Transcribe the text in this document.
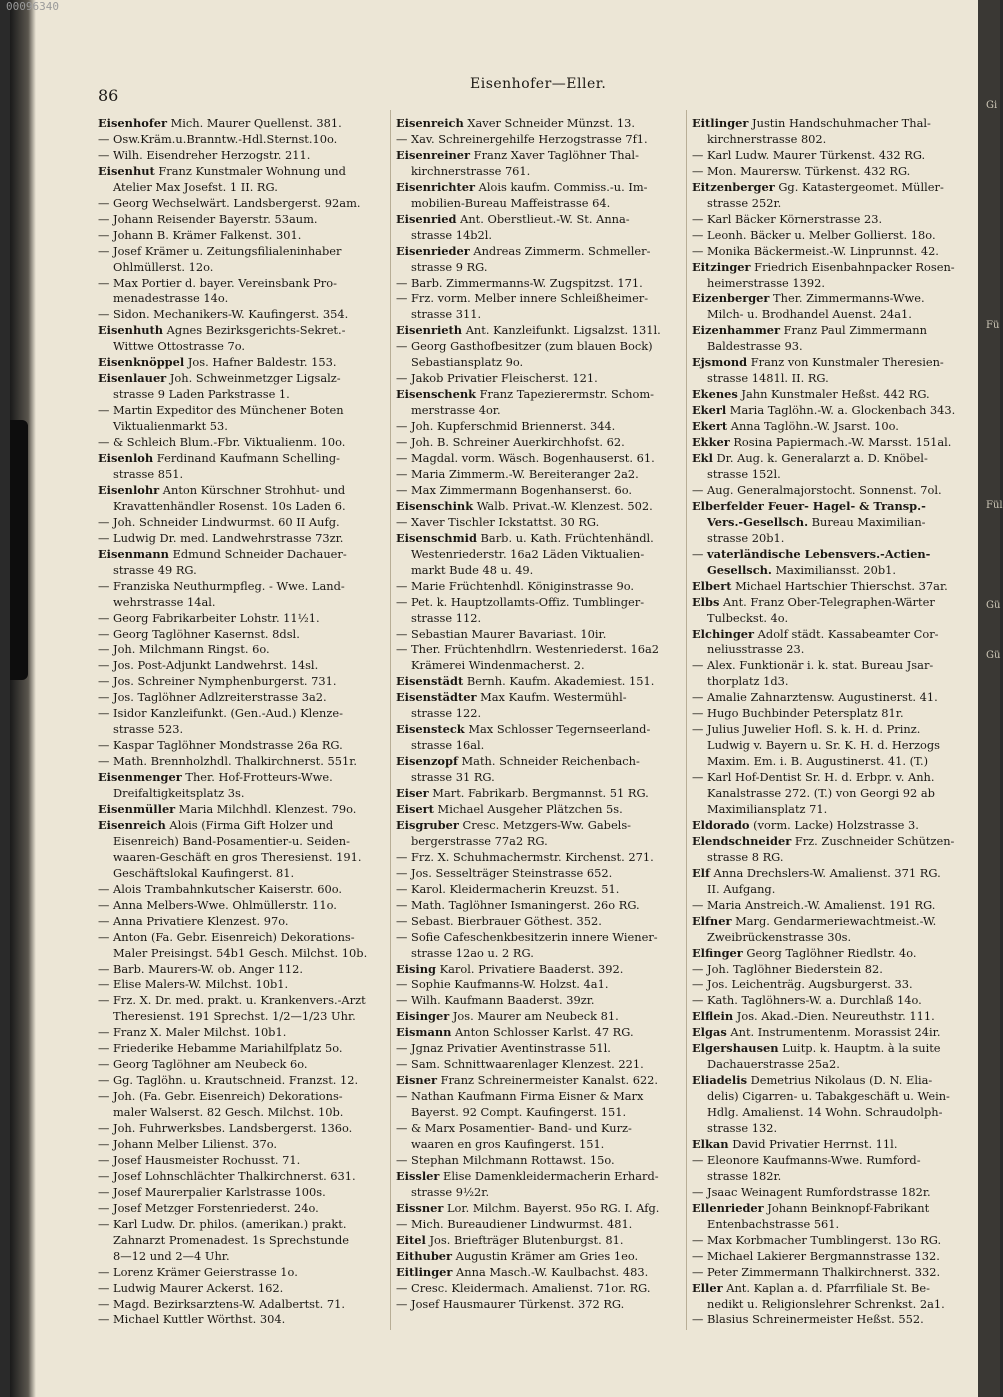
86
Eisenhofer—Eller.
Eisenhofer Mich. Maurer Quellenst. 381.
— Osw.Kräm.u.Branntw.-Hdl.Sternst.10o.
— Wilh. Eisendreher Herzogstr. 211.
Eisenhut Franz Kunstmaler Wohnung und
Atelier Max Josefst. 1 II. RG.
— Georg Wechselwärt. Landsbergerst. 92am.
— Johann Reisender Bayerstr. 53aum.
— Johann B. Krämer Falkenst. 301.
— Josef Krämer u. Zeitungsfilialeninhaber
Ohlmüllerst. 12o.
— Max Portier d. bayer. Vereinsbank Pro-
menadestrasse 14o.
— Sidon. Mechanikers-W. Kaufingerst. 354.
Eisenhuth Agnes Bezirksgerichts-Sekret.-
Wittwe Ottostrasse 7o.
Eisenknöppel Jos. Hafner Baldestr. 153.
Eisenlauer Joh. Schweinmetzger Ligsalz-
strasse 9 Laden Parkstrasse 1.
— Martin Expeditor des Münchener Boten
Viktualienmarkt 53.
— & Schleich Blum.-Fbr. Viktualienm. 10o.
Eisenloh Ferdinand Kaufmann Schelling-
strasse 851.
Eisenlohr Anton Kürschner Strohhut- und
Kravattenhändler Rosenst. 10s Laden 6.
— Joh. Schneider Lindwurmst. 60 II Aufg.
— Ludwig Dr. med. Landwehrstrasse 73zr.
Eisenmann Edmund Schneider Dachauer-
strasse 49 RG.
— Franziska Neuthurmpfleg. - Wwe. Land-
wehrstrasse 14al.
— Georg Fabrikarbeiter Lohstr. 11½1.
— Georg Taglöhner Kasernst. 8dsl.
— Joh. Milchmann Ringst. 6o.
— Jos. Post-Adjunkt Landwehrst. 14sl.
— Jos. Schreiner Nymphenburgerst. 731.
— Jos. Taglöhner Adlzreiterstrasse 3a2.
— Isidor Kanzleifunkt. (Gen.-Aud.) Klenze-
strasse 523.
— Kaspar Taglöhner Mondstrasse 26a RG.
— Math. Brennholzhdl. Thalkirchnerst. 551r.
Eisenmenger Ther. Hof-Frotteurs-Wwe.
Dreifaltigkeitsplatz 3s.
Eisenmüller Maria Milchhdl. Klenzest. 79o.
Eisenreich Alois (Firma Gift Holzer und
Eisenreich) Band-Posamentier-u. Seiden-
waaren-Geschäft en gros Theresienst. 191.
Geschäftslokal Kaufingerst. 81.
— Alois Trambahnkutscher Kaiserstr. 60o.
— Anna Melbers-Wwe. Ohlmüllerstr. 11o.
— Anna Privatiere Klenzest. 97o.
— Anton (Fa. Gebr. Eisenreich) Dekorations-
Maler Preisingst. 54b1 Gesch. Milchst. 10b.
— Barb. Maurers-W. ob. Anger 112.
— Elise Malers-W. Milchst. 10b1.
— Frz. X. Dr. med. prakt. u. Krankenvers.-Arzt
Theresienst. 191 Sprechst. 1/2—1/23 Uhr.
— Franz X. Maler Milchst. 10b1.
— Friederike Hebamme Mariahilfplatz 5o.
— Georg Taglöhner am Neubeck 6o.
— Gg. Taglöhn. u. Krautschneid. Franzst. 12.
— Joh. (Fa. Gebr. Eisenreich) Dekorations-
maler Walserst. 82 Gesch. Milchst. 10b.
— Joh. Fuhrwerksbes. Landsbergerst. 136o.
— Johann Melber Lilienst. 37o.
— Josef Hausmeister Rochusst. 71.
— Josef Lohnschlächter Thalkirchnerst. 631.
— Josef Maurerpalier Karlstrasse 100s.
— Josef Metzger Forstenriederst. 24o.
— Karl Ludw. Dr. philos. (amerikan.) prakt.
Zahnarzt Promenadest. 1s Sprechstunde
8—12 und 2—4 Uhr.
— Lorenz Krämer Geierstrasse 1o.
— Ludwig Maurer Ackerst. 162.
— Magd. Bezirksarztens-W. Adalbertst. 71.
— Michael Kuttler Wörthst. 304.
Eisenreich Xaver Schneider Münzst. 13.
— Xav. Schreinergehilfe Herzogstrasse 7f1.
Eisenreiner Franz Xaver Taglöhner Thal-
kirchnerstrasse 761.
Eisenrichter Alois kaufm. Commiss.-u. Im-
mobilien-Bureau Maffeistrasse 64.
Eisenried Ant. Oberstlieut.-W. St. Anna-
strasse 14b2l.
Eisenrieder Andreas Zimmerm. Schmeller-
strasse 9 RG.
— Barb. Zimmermanns-W. Zugspitzst. 171.
— Frz. vorm. Melber innere Schleißheimer-
strasse 311.
Eisenrieth Ant. Kanzleifunkt. Ligsalzst. 131l.
— Georg Gasthofbesitzer (zum blauen Bock)
Sebastiansplatz 9o.
— Jakob Privatier Fleischerst. 121.
Eisenschenk Franz Tapezierermstr. Schom-
merstrasse 4or.
— Joh. Kupferschmid Briennerst. 344.
— Joh. B. Schreiner Auerkirchhofst. 62.
— Magdal. vorm. Wäsch. Bogenhauserst. 61.
— Maria Zimmerm.-W. Bereiteranger 2a2.
— Max Zimmermann Bogenhanserst. 6o.
Eisenschink Walb. Privat.-W. Klenzest. 502.
— Xaver Tischler Ickstattst. 30 RG.
Eisenschmid Barb. u. Kath. Früchtenhändl.
Westenriederstr. 16a2 Läden Viktualien-
markt Bude 48 u. 49.
— Marie Früchtenhdl. Königinstrasse 9o.
— Pet. k. Hauptzollamts-Offiz. Tumblinger-
strasse 112.
— Sebastian Maurer Bavariast. 10ir.
— Ther. Früchtenhdlrn. Westenriederst. 16a2
Krämerei Windenmacherst. 2.
Eisenstädt Bernh. Kaufm. Akademiest. 151.
Eisenstädter Max Kaufm. Westermühl-
strasse 122.
Eisensteck Max Schlosser Tegernseerland-
strasse 16al.
Eisenzopf Math. Schneider Reichenbach-
strasse 31 RG.
Eiser Mart. Fabrikarb. Bergmannst. 51 RG.
Eisert Michael Ausgeher Plätzchen 5s.
Eisgruber Cresc. Metzgers-Ww. Gabels-
bergerstrasse 77a2 RG.
— Frz. X. Schuhmachermstr. Kirchenst. 271.
— Jos. Sesselträger Steinstrasse 652.
— Karol. Kleidermacherin Kreuzst. 51.
— Math. Taglöhner Ismaningerst. 26o RG.
— Sebast. Bierbrauer Göthest. 352.
— Sofie Cafeschenkbesitzerin innere Wiener-
strasse 12ao u. 2 RG.
Eising Karol. Privatiere Baaderst. 392.
— Sophie Kaufmanns-W. Holzst. 4a1.
— Wilh. Kaufmann Baaderst. 39zr.
Eisinger Jos. Maurer am Neubeck 81.
Eismann Anton Schlosser Karlst. 47 RG.
— Jgnaz Privatier Aventinstrasse 51l.
— Sam. Schnittwaarenlager Klenzest. 221.
Eisner Franz Schreinermeister Kanalst. 622.
— Nathan Kaufmann Firma Eisner & Marx
Bayerst. 92 Compt. Kaufingerst. 151.
— & Marx Posamentier- Band- und Kurz-
waaren en gros Kaufingerst. 151.
— Stephan Milchmann Rottawst. 15o.
Eissler Elise Damenkleidermacherin Erhard-
strasse 9½2r.
Eissner Lor. Milchm. Bayerst. 95o RG. I. Afg.
— Mich. Bureaudiener Lindwurmst. 481.
Eitel Jos. Briefträger Blutenburgst. 81.
Eithuber Augustin Krämer am Gries 1eo.
Eitlinger Anna Masch.-W. Kaulbachst. 483.
— Cresc. Kleidermach. Amalienst. 71or. RG.
— Josef Hausmaurer Türkenst. 372 RG.
Eitlinger Justin Handschuhmacher Thal-
kirchnerstrasse 802.
— Karl Ludw. Maurer Türkenst. 432 RG.
— Mon. Maurersw. Türkenst. 432 RG.
Eitzenberger Gg. Katastergeomet. Müller-
strasse 252r.
— Karl Bäcker Körnerstrasse 23.
— Leonh. Bäcker u. Melber Gollierst. 18o.
— Monika Bäckermeist.-W. Linprunnst. 42.
Eitzinger Friedrich Eisenbahnpacker Rosen-
heimerstrasse 1392.
Eizenberger Ther. Zimmermanns-Wwe.
Milch- u. Brodhandel Auenst. 24a1.
Eizenhammer Franz Paul Zimmermann
Baldestrasse 93.
Ejsmond Franz von Kunstmaler Theresien-
strasse 1481l. II. RG.
Ekenes Jahn Kunstmaler Heßst. 442 RG.
Ekerl Maria Taglöhn.-W. a. Glockenbach 343.
Ekert Anna Taglöhn.-W. Jsarst. 10o.
Ekker Rosina Papiermach.-W. Marsst. 151al.
Ekl Dr. Aug. k. Generalarzt a. D. Knöbel-
strasse 152l.
— Aug. Generalmajorstocht. Sonnenst. 7ol.
Elberfelder Feuer- Hagel- & Transp.-
Vers.-Gesellsch. Bureau Maximilian-
strasse 20b1.
— vaterländische Lebensvers.-Actien-
Gesellsch. Maximiliansst. 20b1.
Elbert Michael Hartschier Thierschst. 37ar.
Elbs Ant. Franz Ober-Telegraphen-Wärter
Tulbeckst. 4o.
Elchinger Adolf städt. Kassabeamter Cor-
neliusstrasse 23.
— Alex. Funktionär i. k. stat. Bureau Jsar-
thorplatz 1d3.
— Amalie Zahnarztensw. Augustinerst. 41.
— Hugo Buchbinder Petersplatz 81r.
— Julius Juwelier Hofl. S. k. H. d. Prinz.
Ludwig v. Bayern u. Sr. K. H. d. Herzogs
Maxim. Em. i. B. Augustinerst. 41. (T.)
— Karl Hof-Dentist Sr. H. d. Erbpr. v. Anh.
Kanalstrasse 272. (T.) von Georgi 92 ab
Maximiliansplatz 71.
Eldorado (vorm. Lacke) Holzstrasse 3.
Elendschneider Frz. Zuschneider Schützen-
strasse 8 RG.
Elf Anna Drechslers-W. Amalienst. 371 RG.
II. Aufgang.
— Maria Anstreich.-W. Amalienst. 191 RG.
Elfner Marg. Gendarmeriewachtmeist.-W.
Zweibrückenstrasse 30s.
Elfinger Georg Taglöhner Riedlstr. 4o.
— Joh. Taglöhner Biederstein 82.
— Jos. Leichenträg. Augsburgerst. 33.
— Kath. Taglöhners-W. a. Durchlaß 14o.
Elflein Jos. Akad.-Dien. Neureuthstr. 111.
Elgas Ant. Instrumentenm. Morassist 24ir.
Elgershausen Luitp. k. Hauptm. à la suite
Dachauerstrasse 25a2.
Eliadelis Demetrius Nikolaus (D. N. Elia-
delis) Cigarren- u. Tabakgeschäft u. Wein-
Hdlg. Amalienst. 14 Wohn. Schraudolph-
strasse 132.
Elkan David Privatier Herrnst. 11l.
— Eleonore Kaufmanns-Wwe. Rumford-
strasse 182r.
— Jsaac Weinagent Rumfordstrasse 182r.
Ellenrieder Johann Beinknopf-Fabrikant
Entenbachstrasse 561.
— Max Korbmacher Tumblingerst. 13o RG.
— Michael Lakierer Bergmannstrasse 132.
— Peter Zimmermann Thalkirchnerst. 332.
Eller Ant. Kaplan a. d. Pfarrfiliale St. Be-
nedikt u. Religionslehrer Schrenkst. 2a1.
— Blasius Schreinermeister Heßst. 552.
00096340
Gi
Fü
Fül
Gü
Gü
